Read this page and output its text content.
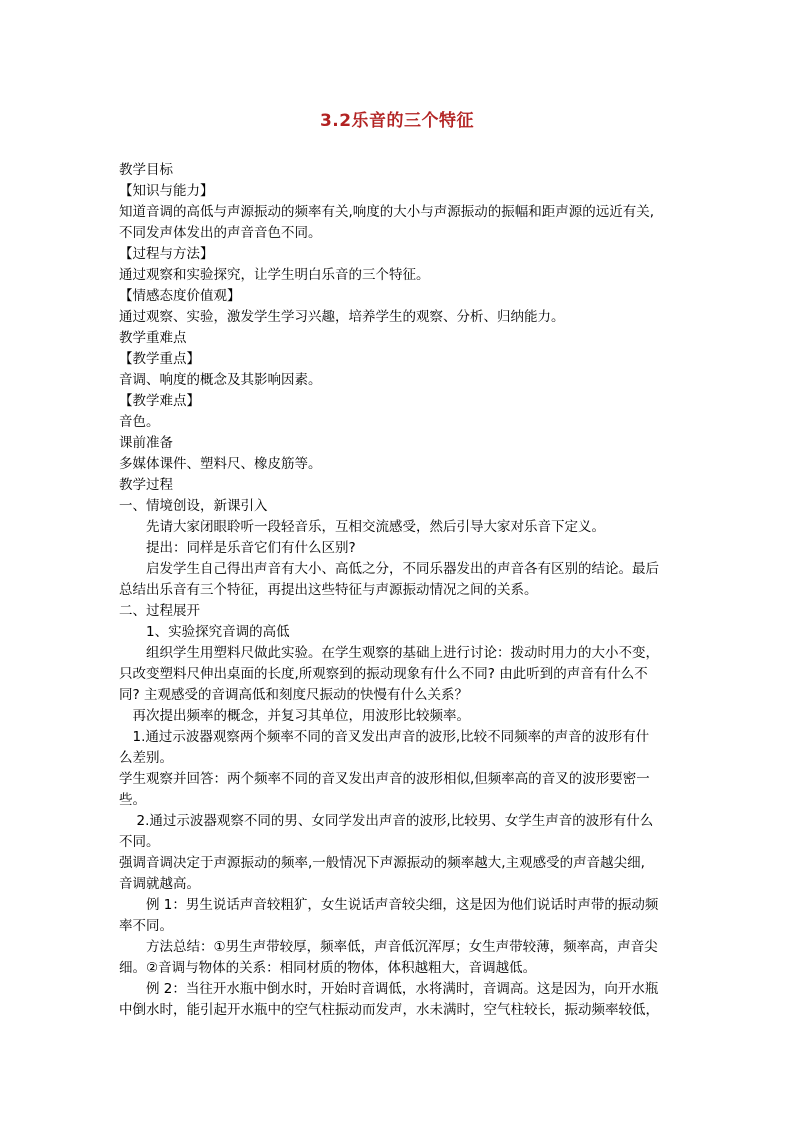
3.2乐音的三个特征

教学目标

【知识与能力】

知道音调的高低与声源振动的频率有关,响度的大小与声源振动的振幅和距声源的远近有关,

不同发声体发出的声音音色不同。

【过程与方法】

通过观察和实验探究，让学生明白乐音的三个特征。

【情感态度价值观】

通过观察、实验，激发学生学习兴趣，培养学生的观察、分析、归纳能力。

教学重难点

【教学重点】

音调、响度的概念及其影响因素。

【教学难点】

音色。

课前准备

多媒体课件、塑料尺、橡皮筋等。

教学过程

一、情境创设，新课引入

先请大家闭眼聆听一段轻音乐，互相交流感受，然后引导大家对乐音下定义。

提出：同样是乐音它们有什么区别?

启发学生自己得出声音有大小、高低之分，不同乐器发出的声音各有区别的结论。最后

总结出乐音有三个特征，再提出这些特征与声源振动情况之间的关系。

二、过程展开

1、实验探究音调的高低

组织学生用塑料尺做此实验。在学生观察的基础上进行讨论：拨动时用力的大小不变，

只改变塑料尺伸出桌面的长度,所观察到的振动现象有什么不同? 由此听到的声音有什么不

同? 主观感受的音调高低和刻度尺振动的快慢有什么关系？

再次提出频率的概念，并复习其单位，用波形比较频率。

1.通过示波器观察两个频率不同的音叉发出声音的波形,比较不同频率的声音的波形有什

么差别。

学生观察并回答：两个频率不同的音叉发出声音的波形相似,但频率高的音叉的波形要密一

些。

2.通过示波器观察不同的男、女同学发出声音的波形,比较男、女学生声音的波形有什么

不同。

强调音调决定于声源振动的频率,一般情况下声源振动的频率越大,主观感受的声音越尖细,

音调就越高。

例 1：男生说话声音较粗犷，女生说话声音较尖细，这是因为他们说话时声带的振动频

率不同。

方法总结：①男生声带较厚，频率低，声音低沉浑厚；女生声带较薄，频率高，声音尖

细。②音调与物体的关系：相同材质的物体，体积越粗大，音调越低。

例 2：当往开水瓶中倒水时，开始时音调低，水将满时，音调高。这是因为，向开水瓶

中倒水时，能引起开水瓶中的空气柱振动而发声，水未满时，空气柱较长，振动频率较低，
